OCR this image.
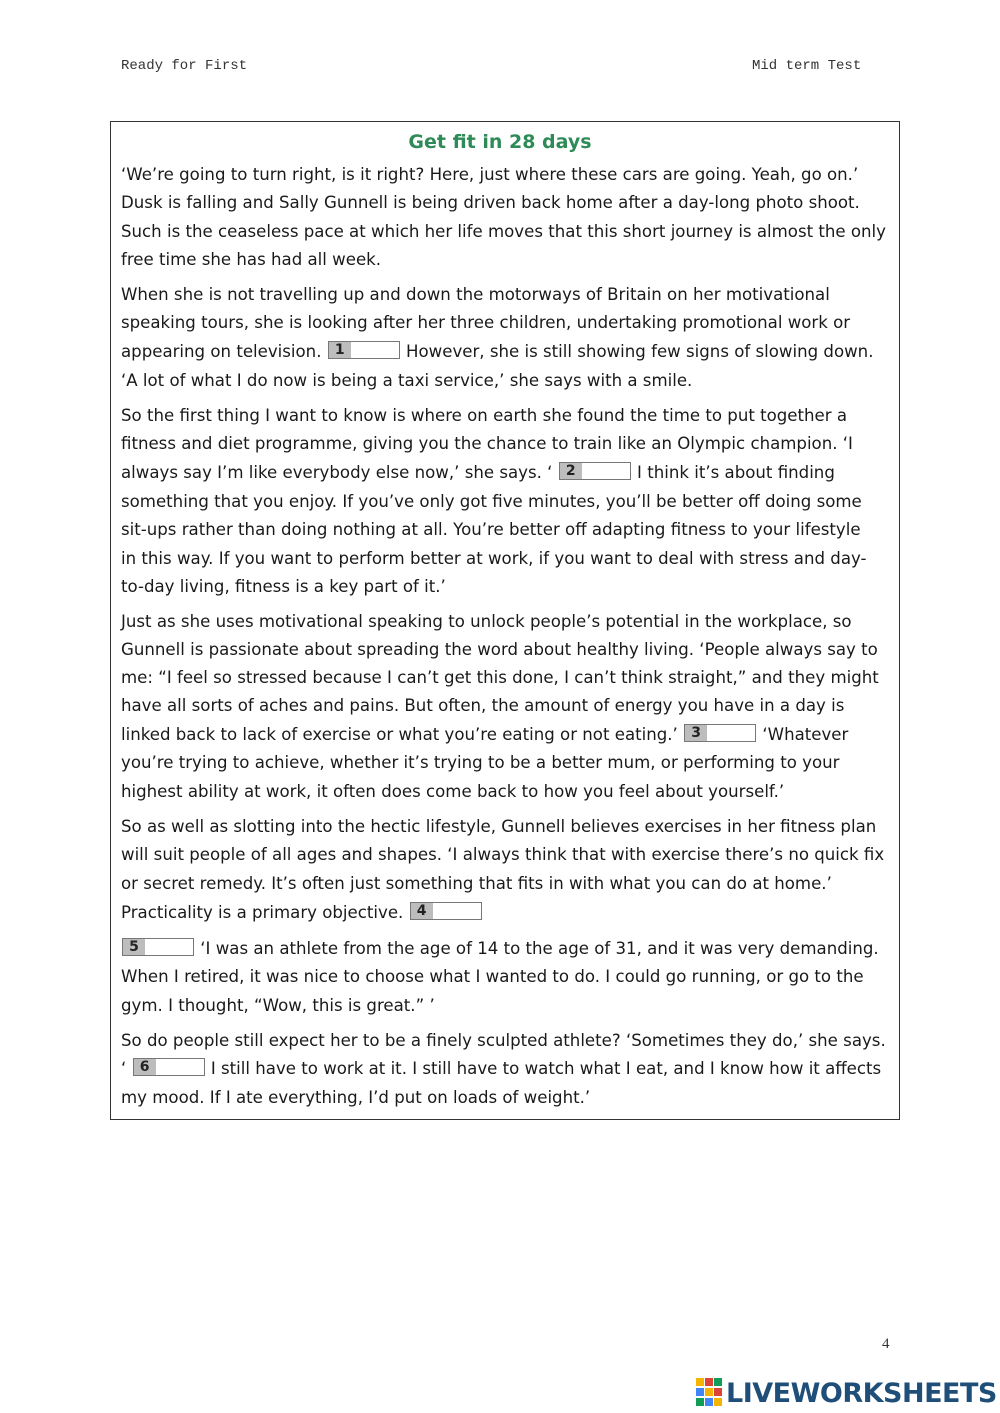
Ready for First	Mid term Test
Get fit in 28 days
‘We’re going to turn right, is it right? Here, just where these cars are going. Yeah, go on.’
Dusk is falling and Sally Gunnell is being driven back home after a day-long photo shoot.
Such is the ceaseless pace at which her life moves that this short journey is almost the only
free time she has had all week.
When she is not travelling up and down the motorways of Britain on her motivational
speaking tours, she is looking after her three children, undertaking promotional work or
appearing on television. 1	However, she is still showing few signs of slowing down.
‘A lot of what I do now is being a taxi service,’ she says with a smile.
So the first thing I want to know is where on earth she found the time to put together a
fitness and diet programme, giving you the chance to train like an Olympic champion. ‘I
always say I’m like everybody else now,’ she says. ‘ 2	I think it’s about finding
something that you enjoy. If you’ve only got five minutes, you’ll be better off doing some
sit-ups rather than doing nothing at all. You’re better off adapting fitness to your lifestyle
in this way. If you want to perform better at work, if you want to deal with stress and day-
to-day living, fitness is a key part of it.’
Just as she uses motivational speaking to unlock people’s potential in the workplace, so
Gunnell is passionate about spreading the word about healthy living. ‘People always say to
me: “I feel so stressed because I can’t get this done, I can’t think straight,” and they might
have all sorts of aches and pains. But often, the amount of energy you have in a day is
linked back to lack of exercise or what you’re eating or not eating.’ 3	‘Whatever
you’re trying to achieve, whether it’s trying to be a better mum, or performing to your
highest ability at work, it often does come back to how you feel about yourself.’
So as well as slotting into the hectic lifestyle, Gunnell believes exercises in her fitness plan
will suit people of all ages and shapes. ‘I always think that with exercise there’s no quick fix
or secret remedy. It’s often just something that fits in with what you can do at home.’
Practicality is a primary objective. 4
5	‘I was an athlete from the age of 14 to the age of 31, and it was very demanding.
When I retired, it was nice to choose what I wanted to do. I could go running, or go to the
gym. I thought, “Wow, this is great.” ’
So do people still expect her to be a finely sculpted athlete? ‘Sometimes they do,’ she says.
‘ 6	I still have to work at it. I still have to watch what I eat, and I know how it affects
my mood. If I ate everything, I’d put on loads of weight.’
4
LIVEWORKSHEETS
